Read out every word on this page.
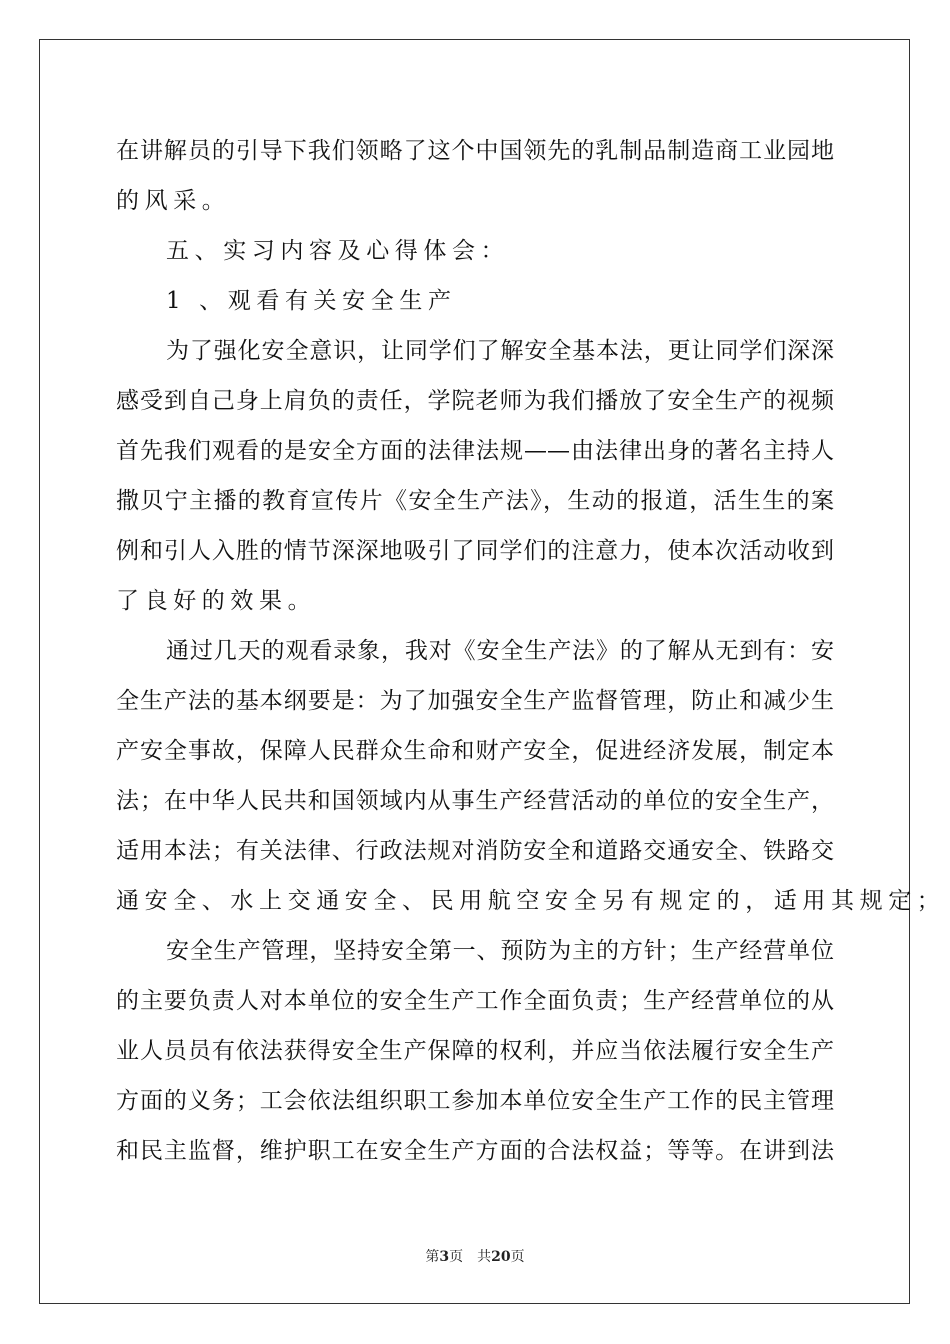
在讲解员的引导下我们领略了这个中国领先的乳制品制造商工业园地
的风采。
五、实习内容及心得体会：
1 、观看有关安全生产
为了强化安全意识，让同学们了解安全基本法，更让同学们深深
感受到自己身上肩负的责任，学院老师为我们播放了安全生产的视频
首先我们观看的是安全方面的法律法规——由法律出身的著名主持人
撒贝宁主播的教育宣传片《安全生产法》，生动的报道，活生生的案
例和引人入胜的情节深深地吸引了同学们的注意力，使本次活动收到
了良好的效果。
通过几天的观看录象，我对《安全生产法》的了解从无到有：安
全生产法的基本纲要是：为了加强安全生产监督管理，防止和减少生
产安全事故，保障人民群众生命和财产安全，促进经济发展，制定本
法；在中华人民共和国领域内从事生产经营活动的单位的安全生产，
适用本法；有关法律、行政法规对消防安全和道路交通安全、铁路交
通安全、水上交通安全、民用航空安全另有规定的，适用其规定；
安全生产管理，坚持安全第一、预防为主的方针；生产经营单位
的主要负责人对本单位的安全生产工作全面负责；生产经营单位的从
业人员员有依法获得安全生产保障的权利，并应当依法履行安全生产
方面的义务；工会依法组织职工参加本单位安全生产工作的民主管理
和民主监督，维护职工在安全生产方面的合法权益；等等。在讲到法
第3页 共20页
